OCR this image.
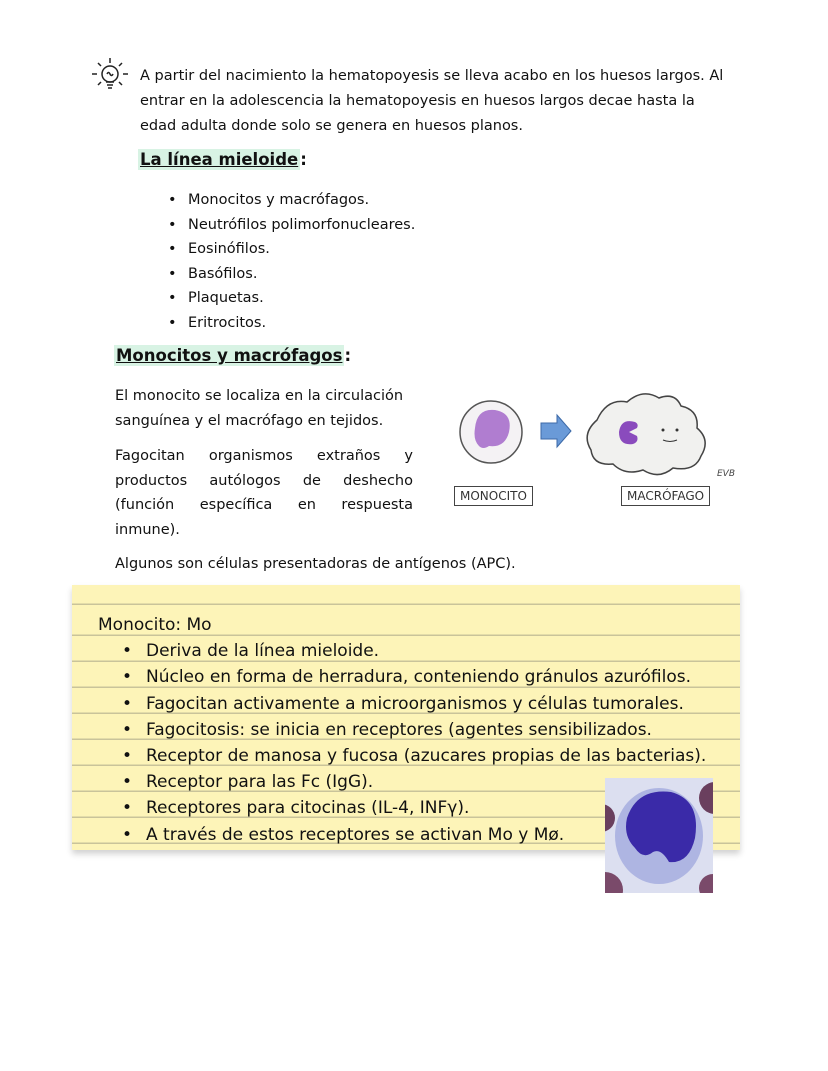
A partir del nacimiento la hematopoyesis se lleva acabo en los huesos largos. Al entrar en la adolescencia la hematopoyesis en huesos largos decae hasta la edad adulta donde solo se genera en huesos planos.
La línea mieloide :
• Monocitos y macrófagos.
• Neutrófilos polimorfonucleares.
• Eosinófilos.
• Basófilos.
• Plaquetas.
• Eritrocitos.
Monocitos y macrófagos :
El monocito se localiza en la circulación sanguínea y el macrófago en tejidos.
Fagocitan organismos extraños y productos autólogos de deshecho (función específica en respuesta inmune).
Algunos son células presentadoras de antígenos (APC).
EVB
MONOCITO	MACRÓFAGO
Monocito: Mo
• Deriva de la línea mieloide.
• Núcleo en forma de herradura, conteniendo gránulos azurófilos.
• Fagocitan activamente a microorganismos y células tumorales.
• Fagocitosis: se inicia en receptores (agentes sensibilizados.
• Receptor de manosa y fucosa (azucares propias de las bacterias).
• Receptor para las Fc (IgG).
• Receptores para citocinas (IL-4, INFγ).
• A través de estos receptores se activan Mo y Mø.
